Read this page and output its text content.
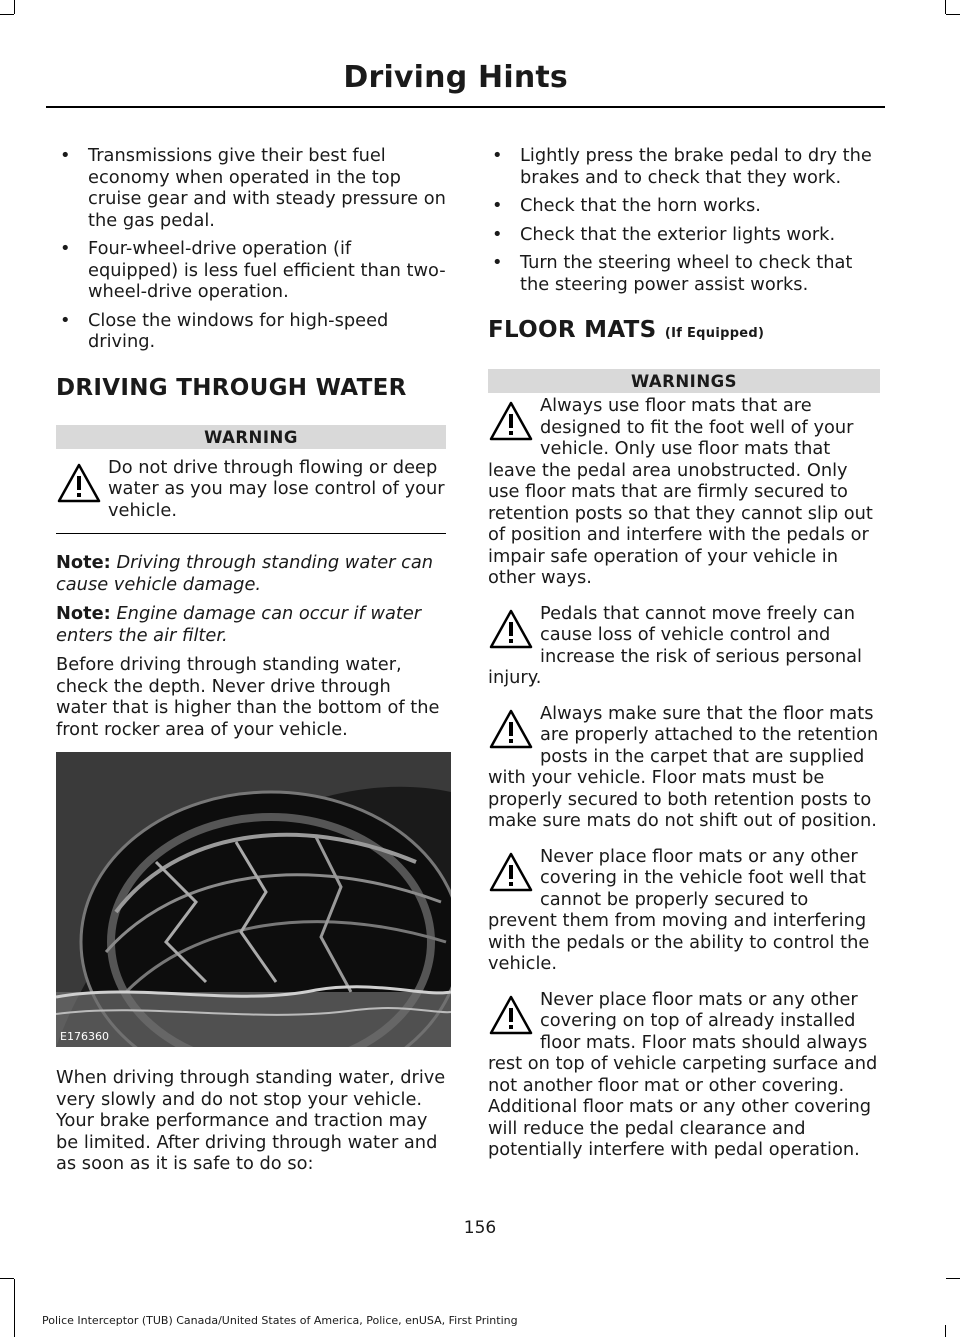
Driving Hints
• Transmissions give their best fuel economy when operated in the top cruise gear and with steady pressure on the gas pedal.
• Four-wheel-drive operation (if equipped) is less fuel efficient than two-wheel-drive operation.
• Close the windows for high-speed driving.
DRIVING THROUGH WATER
WARNING
Do not drive through flowing or deep water as you may lose control of your vehicle.

Note: Driving through standing water can cause vehicle damage.

Note: Engine damage can occur if water enters the air filter.

Before driving through standing water, check the depth. Never drive through water that is higher than the bottom of the front rocker area of your vehicle.

E176360

When driving through standing water, drive very slowly and do not stop your vehicle. Your brake performance and traction may be limited. After driving through water and as soon as it is safe to do so:

• Lightly press the brake pedal to dry the brakes and to check that they work.
• Check that the horn works.
• Check that the exterior lights work.
• Turn the steering wheel to check that the steering power assist works.
FLOOR MATS (If Equipped)
WARNINGS
Always use floor mats that are designed to fit the foot well of your vehicle. Only use floor mats that leave the pedal area unobstructed. Only use floor mats that are firmly secured to retention posts so that they cannot slip out of position and interfere with the pedals or impair safe operation of your vehicle in other ways.
Pedals that cannot move freely can cause loss of vehicle control and increase the risk of serious personal injury.
Always make sure that the floor mats are properly attached to the retention posts in the carpet that are supplied with your vehicle. Floor mats must be properly secured to both retention posts to make sure mats do not shift out of position.
Never place floor mats or any other covering in the vehicle foot well that cannot be properly secured to prevent them from moving and interfering with the pedals or the ability to control the vehicle.
Never place floor mats or any other covering on top of already installed floor mats. Floor mats should always rest on top of vehicle carpeting surface and not another floor mat or other covering. Additional floor mats or any other covering will reduce the pedal clearance and potentially interfere with pedal operation.
156
Police Interceptor (TUB) Canada/United States of America, Police, enUSA, First Printing
